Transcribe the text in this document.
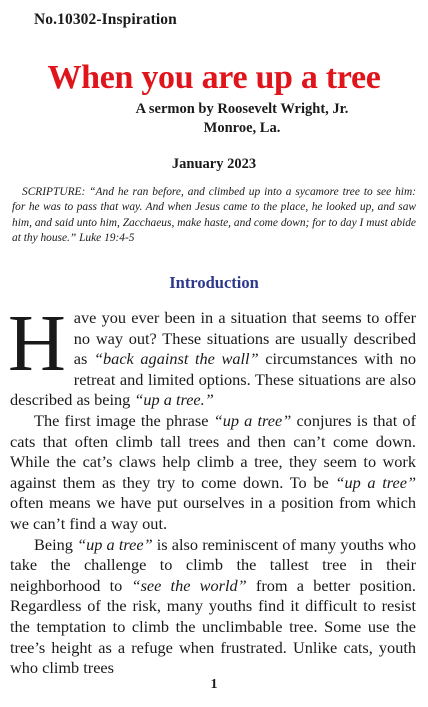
No.10302-Inspiration
When you are up a tree
A sermon by Roosevelt Wright, Jr.
Monroe, La.
January 2023
SCRIPTURE: “And he ran before, and climbed up into a sycamore tree to see him: for he was to pass that way. And when Jesus came to the place, he looked up, and saw him, and said unto him, Zacchaeus, make haste, and come down; for to day I must abide at thy house.” Luke 19:4-5
Introduction

H ave you ever been in a situation that seems to offer no way out? These situations are usually described as “back against the wall” circumstances with no retreat and limited options. These situations are also described as being “up a tree.”

The first image the phrase “up a tree” conjures is that of cats that often climb tall trees and then can’t come down. While the cat’s claws help climb a tree, they seem to work against them as they try to come down. To be “up a tree” often means we have put ourselves in a position from which we can’t find a way out.

Being “up a tree” is also reminiscent of many youths who take the challenge to climb the tallest tree in their neighborhood to “see the world” from a better position. Regardless of the risk, many youths find it difficult to resist the temptation to climb the unclimbable tree. Some use the tree’s height as a refuge when frustrated. Unlike cats, youth who climb trees

1
